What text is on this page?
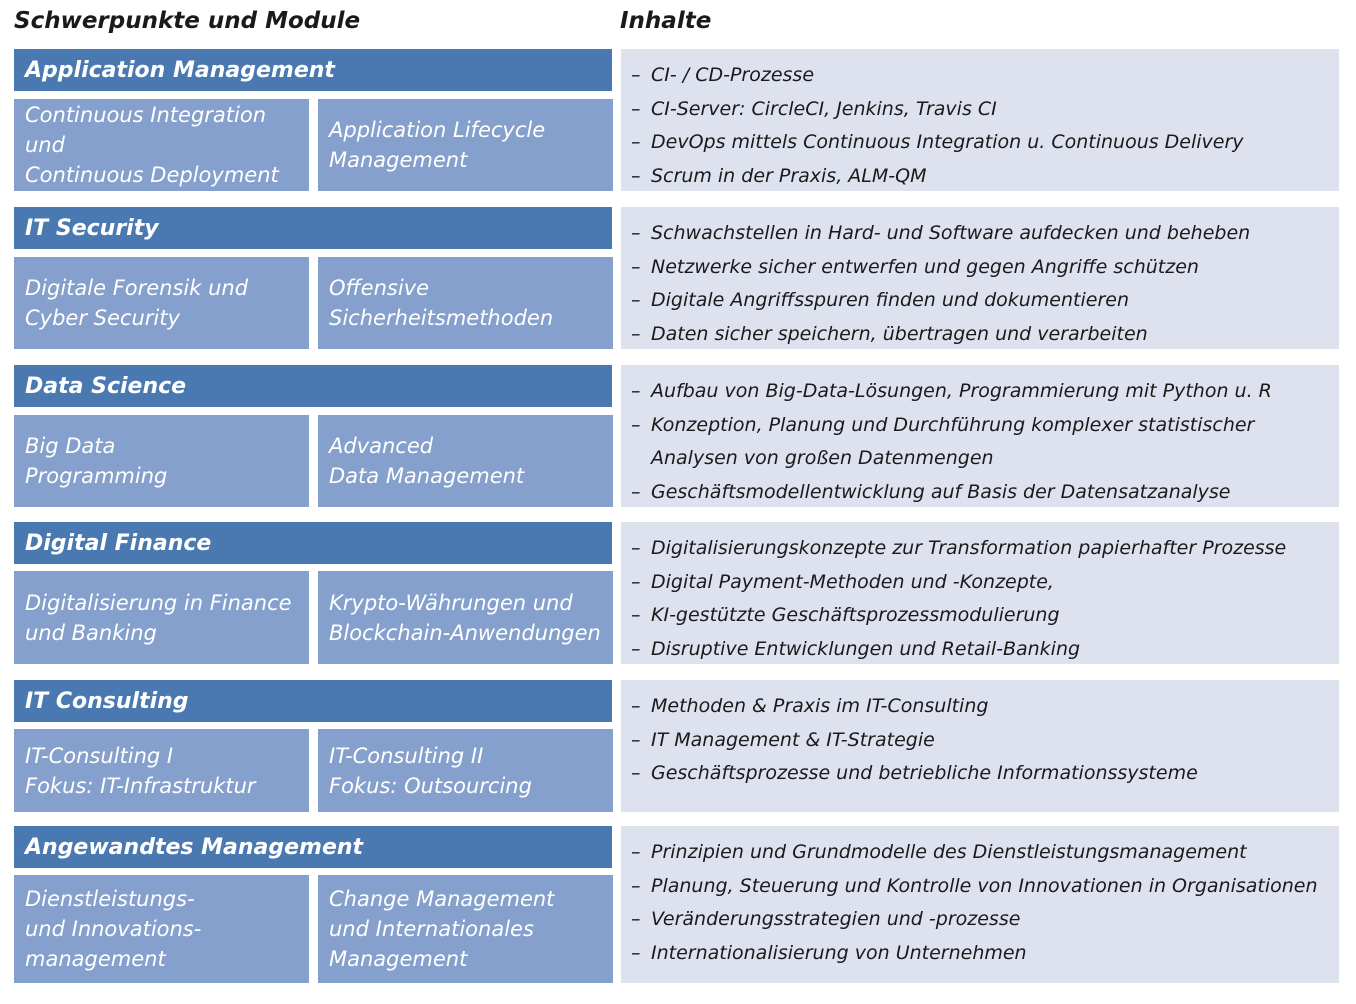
Schwerpunkte und Module	Inhalte
Application Management
Continuous Integration und
Continuous Deployment
Application Lifecycle
Management
– CI- / CD-Prozesse
– CI-Server: CircleCI, Jenkins, Travis CI
– DevOps mittels Continuous Integration u. Continuous Delivery
– Scrum in der Praxis, ALM-QM
IT Security
Digitale Forensik und
Cyber Security
Offensive
Sicherheitsmethoden
– Schwachstellen in Hard- und Software aufdecken und beheben
– Netzwerke sicher entwerfen und gegen Angriffe schützen
– Digitale Angriffsspuren finden und dokumentieren
– Daten sicher speichern, übertragen und verarbeiten
Data Science
Big Data
Programming
Advanced
Data Management
– Aufbau von Big-Data-Lösungen, Programmierung mit Python u. R
– Konzeption, Planung und Durchführung komplexer statistischer Analysen von großen Datenmengen
– Geschäftsmodellentwicklung auf Basis der Datensatzanalyse
Digital Finance
Digitalisierung in Finance
und Banking
Krypto-Währungen und
Blockchain-Anwendungen
– Digitalisierungskonzepte zur Transformation papierhafter Prozesse
– Digital Payment-Methoden und -Konzepte,
– KI-gestützte Geschäftsprozessmodulierung
– Disruptive Entwicklungen und Retail-Banking
IT Consulting
IT-Consulting I
Fokus: IT-Infrastruktur
IT-Consulting II
Fokus: Outsourcing
– Methoden & Praxis im IT-Consulting
– IT Management & IT-Strategie
– Geschäftsprozesse und betriebliche Informationssysteme
Angewandtes Management
Dienstleistungs-
und Innovations-
management
Change Management
und Internationales
Management
– Prinzipien und Grundmodelle des Dienstleistungsmanagement
– Planung, Steuerung und Kontrolle von Innovationen in Organisationen
– Veränderungsstrategien und -prozesse
– Internationalisierung von Unternehmen
